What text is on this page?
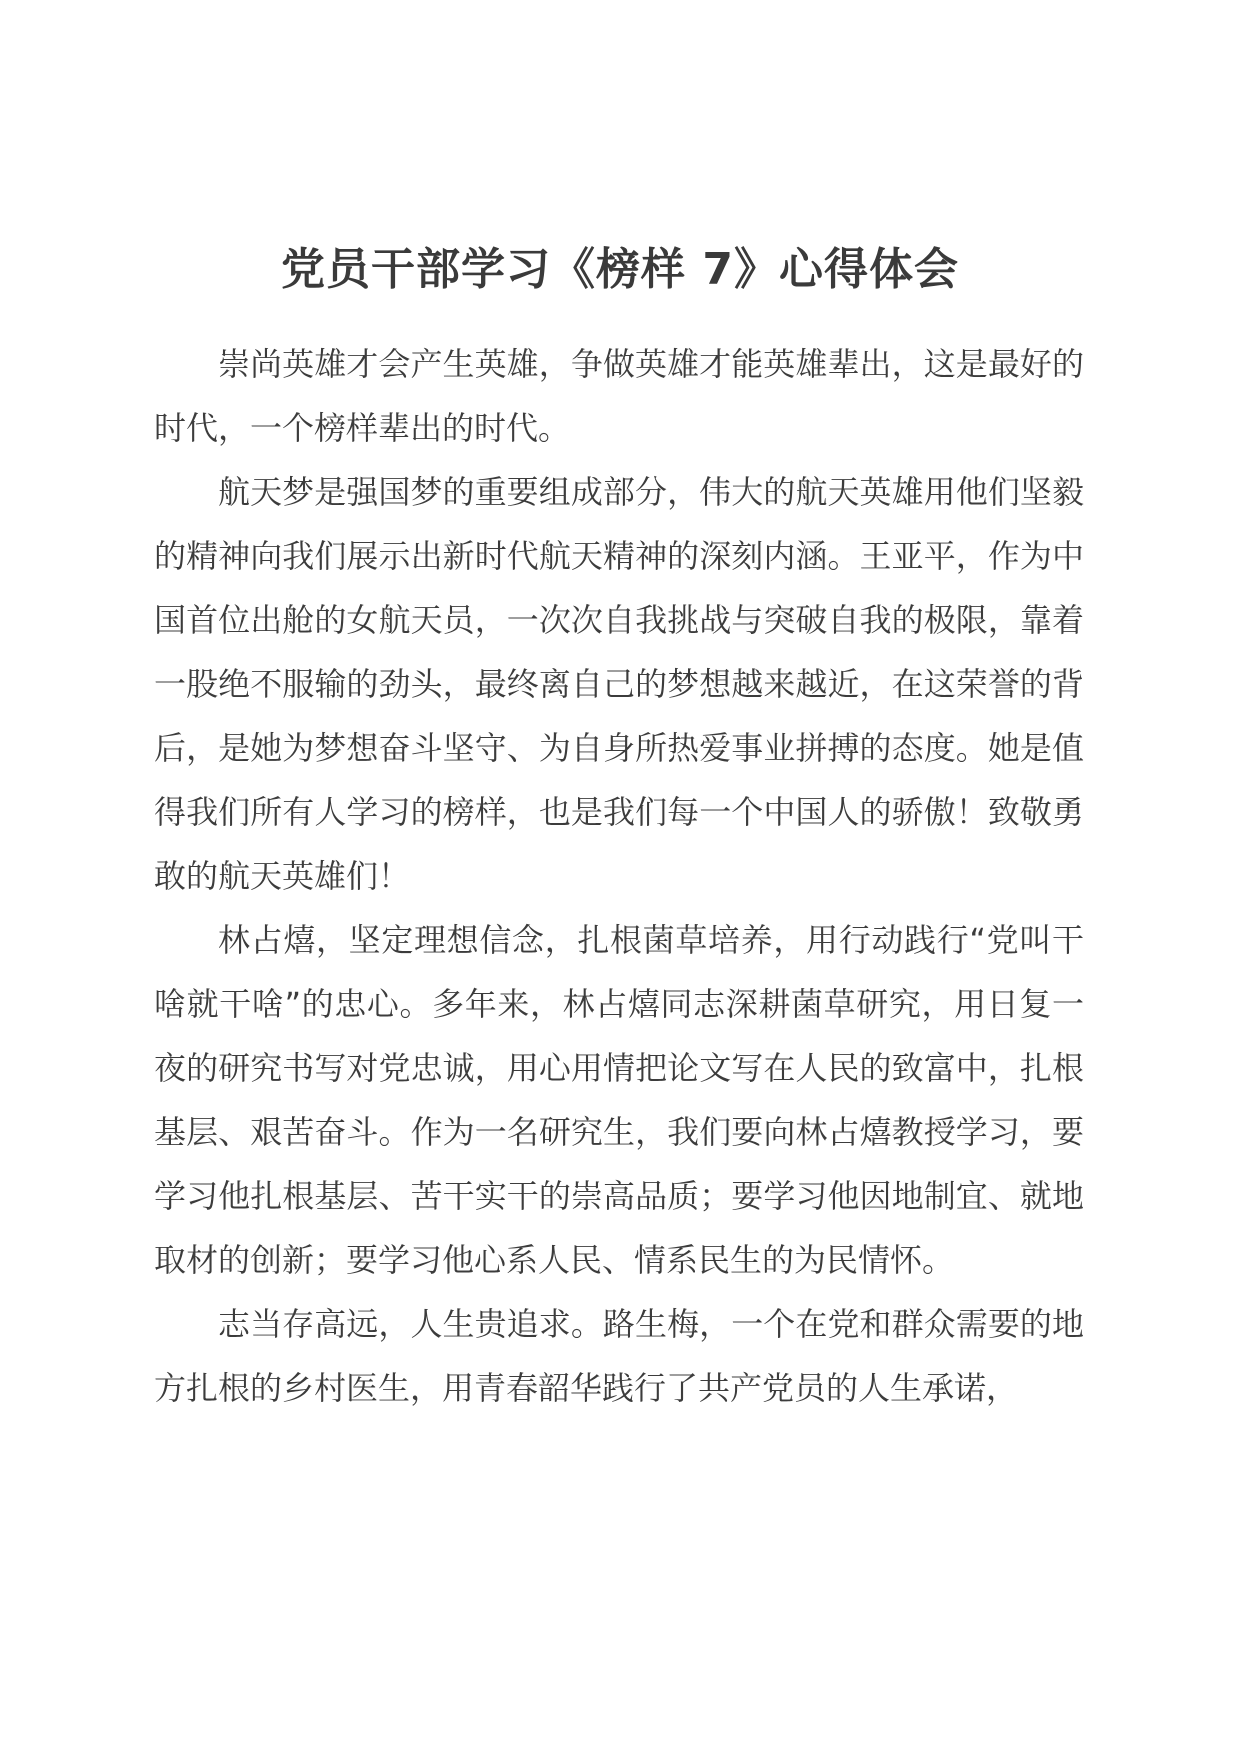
党员干部学习《榜样 7》心得体会

崇尚英雄才会产生英雄，争做英雄才能英雄辈出，这是最好的时代，一个榜样辈出的时代。

航天梦是强国梦的重要组成部分，伟大的航天英雄用他们坚毅的精神向我们展示出新时代航天精神的深刻内涵。王亚平，作为中国首位出舱的女航天员，一次次自我挑战与突破自我的极限，靠着一股绝不服输的劲头，最终离自己的梦想越来越近，在这荣誉的背后，是她为梦想奋斗坚守、为自身所热爱事业拼搏的态度。她是值得我们所有人学习的榜样，也是我们每一个中国人的骄傲！致敬勇敢的航天英雄们！

林占熺，坚定理想信念，扎根菌草培养，用行动践行“党叫干啥就干啥”的忠心。多年来，林占熺同志深耕菌草研究，用日复一夜的研究书写对党忠诚，用心用情把论文写在人民的致富中，扎根基层、艰苦奋斗。作为一名研究生，我们要向林占熺教授学习，要学习他扎根基层、苦干实干的崇高品质；要学习他因地制宜、就地取材的创新；要学习他心系人民、情系民生的为民情怀。

志当存高远，人生贵追求。路生梅，一个在党和群众需要的地方扎根的乡村医生，用青春韶华践行了共产党员的人生承诺，
